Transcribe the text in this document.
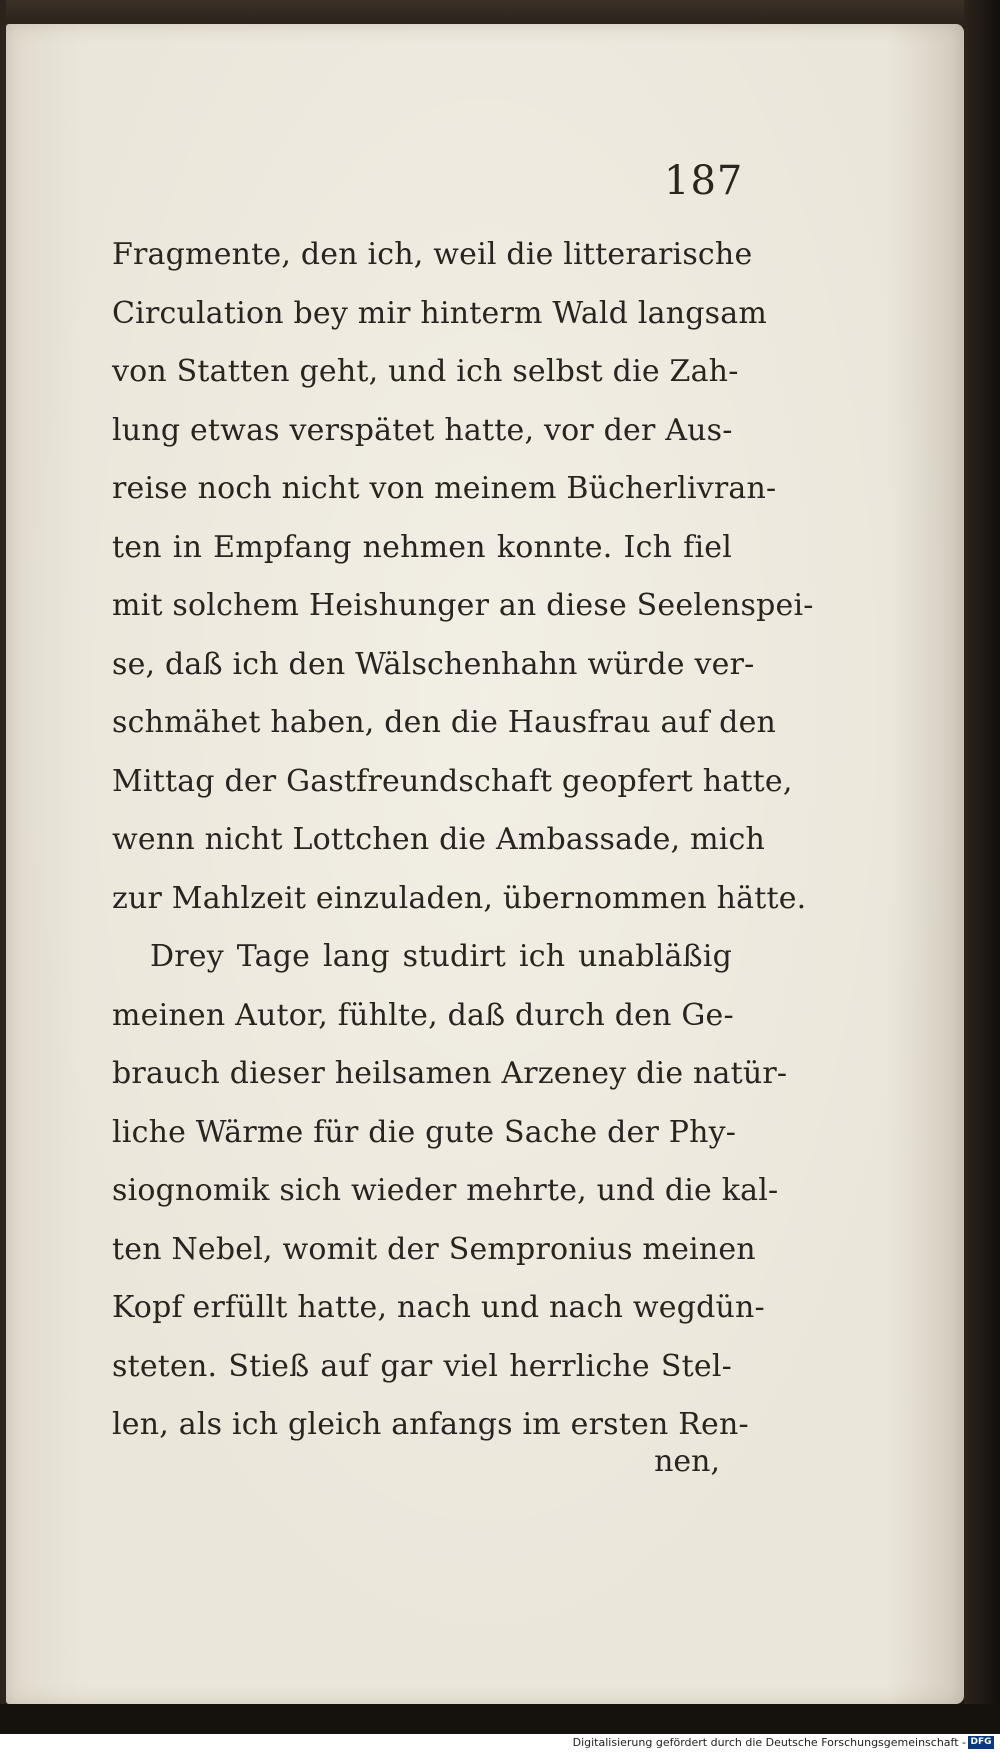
187
Fragmente, den ich, weil die litterarische
Circulation bey mir hinterm Wald langsam
von Statten geht, und ich selbst die Zah-
lung etwas verspätet hatte, vor der Aus-
reise noch nicht von meinem Bücherlivran-
ten in Empfang nehmen konnte. Ich fiel
mit solchem Heishunger an diese Seelenspei-
se, daß ich den Wälschenhahn würde ver-
schmähet haben, den die Hausfrau auf den
Mittag der Gastfreundschaft geopfert hatte,
wenn nicht Lottchen die Ambassade, mich
zur Mahlzeit einzuladen, übernommen hätte.
Drey Tage lang studirt ich unabläßig
meinen Autor, fühlte, daß durch den Ge-
brauch dieser heilsamen Arzeney die natür-
liche Wärme für die gute Sache der Phy-
siognomik sich wieder mehrte, und die kal-
ten Nebel, womit der Sempronius meinen
Kopf erfüllt hatte, nach und nach wegdün-
steten. Stieß auf gar viel herrliche Stel-
len, als ich gleich anfangs im ersten Ren-
nen,
Digitalisierung gefördert durch die Deutsche Forschungsgemeinschaft - DFG
